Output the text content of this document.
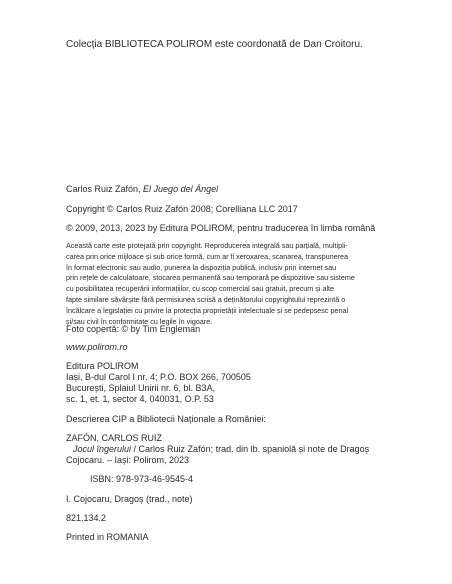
Colecția BIBLIOTECA POLIROM este coordonată de Dan Croitoru.

Carlos Ruiz Zafón, El Juego del Ángel

Copyright © Carlos Ruiz Zafón 2008; Corelliana LLC 2017

© 2009, 2013, 2023 by Editura POLIROM, pentru traducerea în limba română

Această carte este protejată prin copyright. Reproducerea integrală sau parțială, multipli-
carea prin orice mijloace și sub orice formă, cum ar fi xeroxarea, scanarea, transpunerea
în format electronic sau audio, punerea la dispoziția publică, inclusiv prin internet sau
prin rețele de calculatoare, stocarea permanentă sau temporară pe dispozitive sau sisteme
cu posibilitatea recuperării informațiilor, cu scop comercial sau gratuit, precum și alte
fapte similare săvârșite fără permisiunea scrisă a deținătorului copyrightului reprezintă o
încălcare a legislației cu privire la protecția proprietății intelectuale și se pedepsesc penal
și/sau civil în conformitate cu legile în vigoare.

Foto copertă: © by Tim Engleman

www.polirom.ro

Editura POLIROM
Iași, B-dul Carol I nr. 4; P.O. BOX 266, 700505
București, Splaiul Unirii nr. 6, bl. B3A,
sc. 1, et. 1, sector 4, 040031, O.P. 53

Descrierea CIP a Bibliotecii Naționale a României:

ZAFÓN, CARLOS RUIZ

Jocul îngerului / Carlos Ruiz Zafón; trad. din lb. spaniolă și note de Dragoș
Cojocaru. – Iași: Polirom, 2023

ISBN: 978-973-46-9545-4

I. Cojocaru, Dragoș (trad., note)

821.134.2

Printed in ROMANIA
